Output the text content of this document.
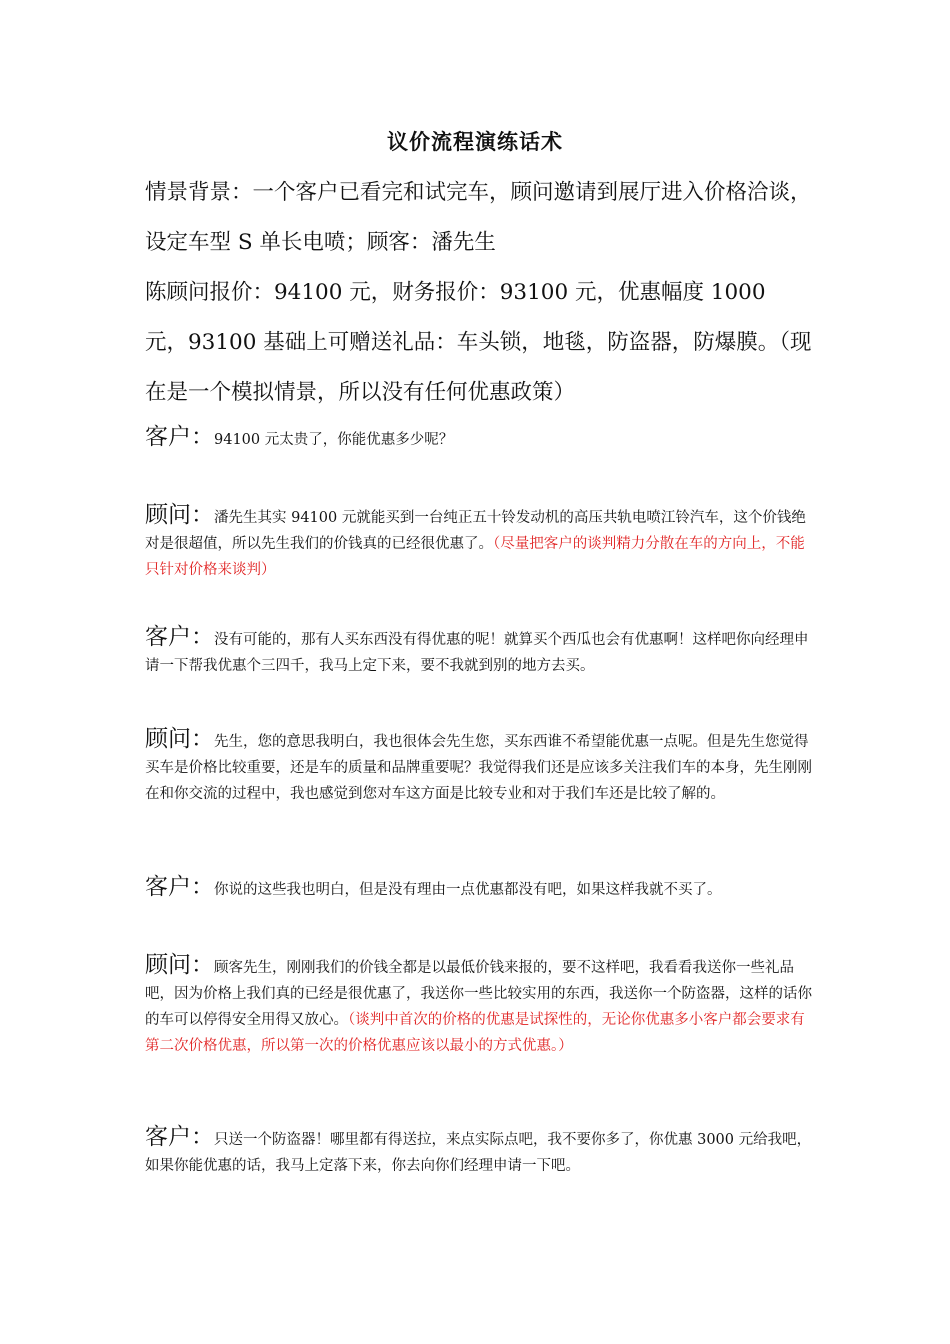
议价流程演练话术

情景背景：一个客户已看完和试完车，顾问邀请到展厅进入价格洽谈，设定车型 S 单长电喷；顾客：潘先生

陈顾问报价：94100 元，财务报价：93100 元，优惠幅度 1000 元，93100 基础上可赠送礼品：车头锁，地毯，防盗器，防爆膜。（现在是一个模拟情景，所以没有任何优惠政策）

客户：94100 元太贵了，你能优惠多少呢？
顾问：潘先生其实 94100 元就能买到一台纯正五十铃发动机的高压共轨电喷江铃汽车，这个价钱绝对是很超值，所以先生我们的价钱真的已经很优惠了。（尽量把客户的谈判精力分散在车的方向上，不能只针对价格来谈判）
客户：没有可能的，那有人买东西没有得优惠的呢！就算买个西瓜也会有优惠啊！这样吧你向经理申请一下帮我优惠个三四千，我马上定下来，要不我就到别的地方去买。
顾问：先生，您的意思我明白，我也很体会先生您，买东西谁不希望能优惠一点呢。但是先生您觉得买车是价格比较重要，还是车的质量和品牌重要呢？我觉得我们还是应该多关注我们车的本身，先生刚刚在和你交流的过程中，我也感觉到您对车这方面是比较专业和对于我们车还是比较了解的。
客户：你说的这些我也明白，但是没有理由一点优惠都没有吧，如果这样我就不买了。
顾问：顾客先生，刚刚我们的价钱全都是以最低价钱来报的，要不这样吧，我看看我送你一些礼品吧，因为价格上我们真的已经是很优惠了，我送你一些比较实用的东西，我送你一个防盗器，这样的话你的车可以停得安全用得又放心。（谈判中首次的价格的优惠是试探性的，无论你优惠多小客户都会要求有第二次价格优惠，所以第一次的价格优惠应该以最小的方式优惠。）
客户：只送一个防盗器！哪里都有得送拉，来点实际点吧，我不要你多了，你优惠 3000 元给我吧，如果你能优惠的话，我马上定落下来，你去向你们经理申请一下吧。
